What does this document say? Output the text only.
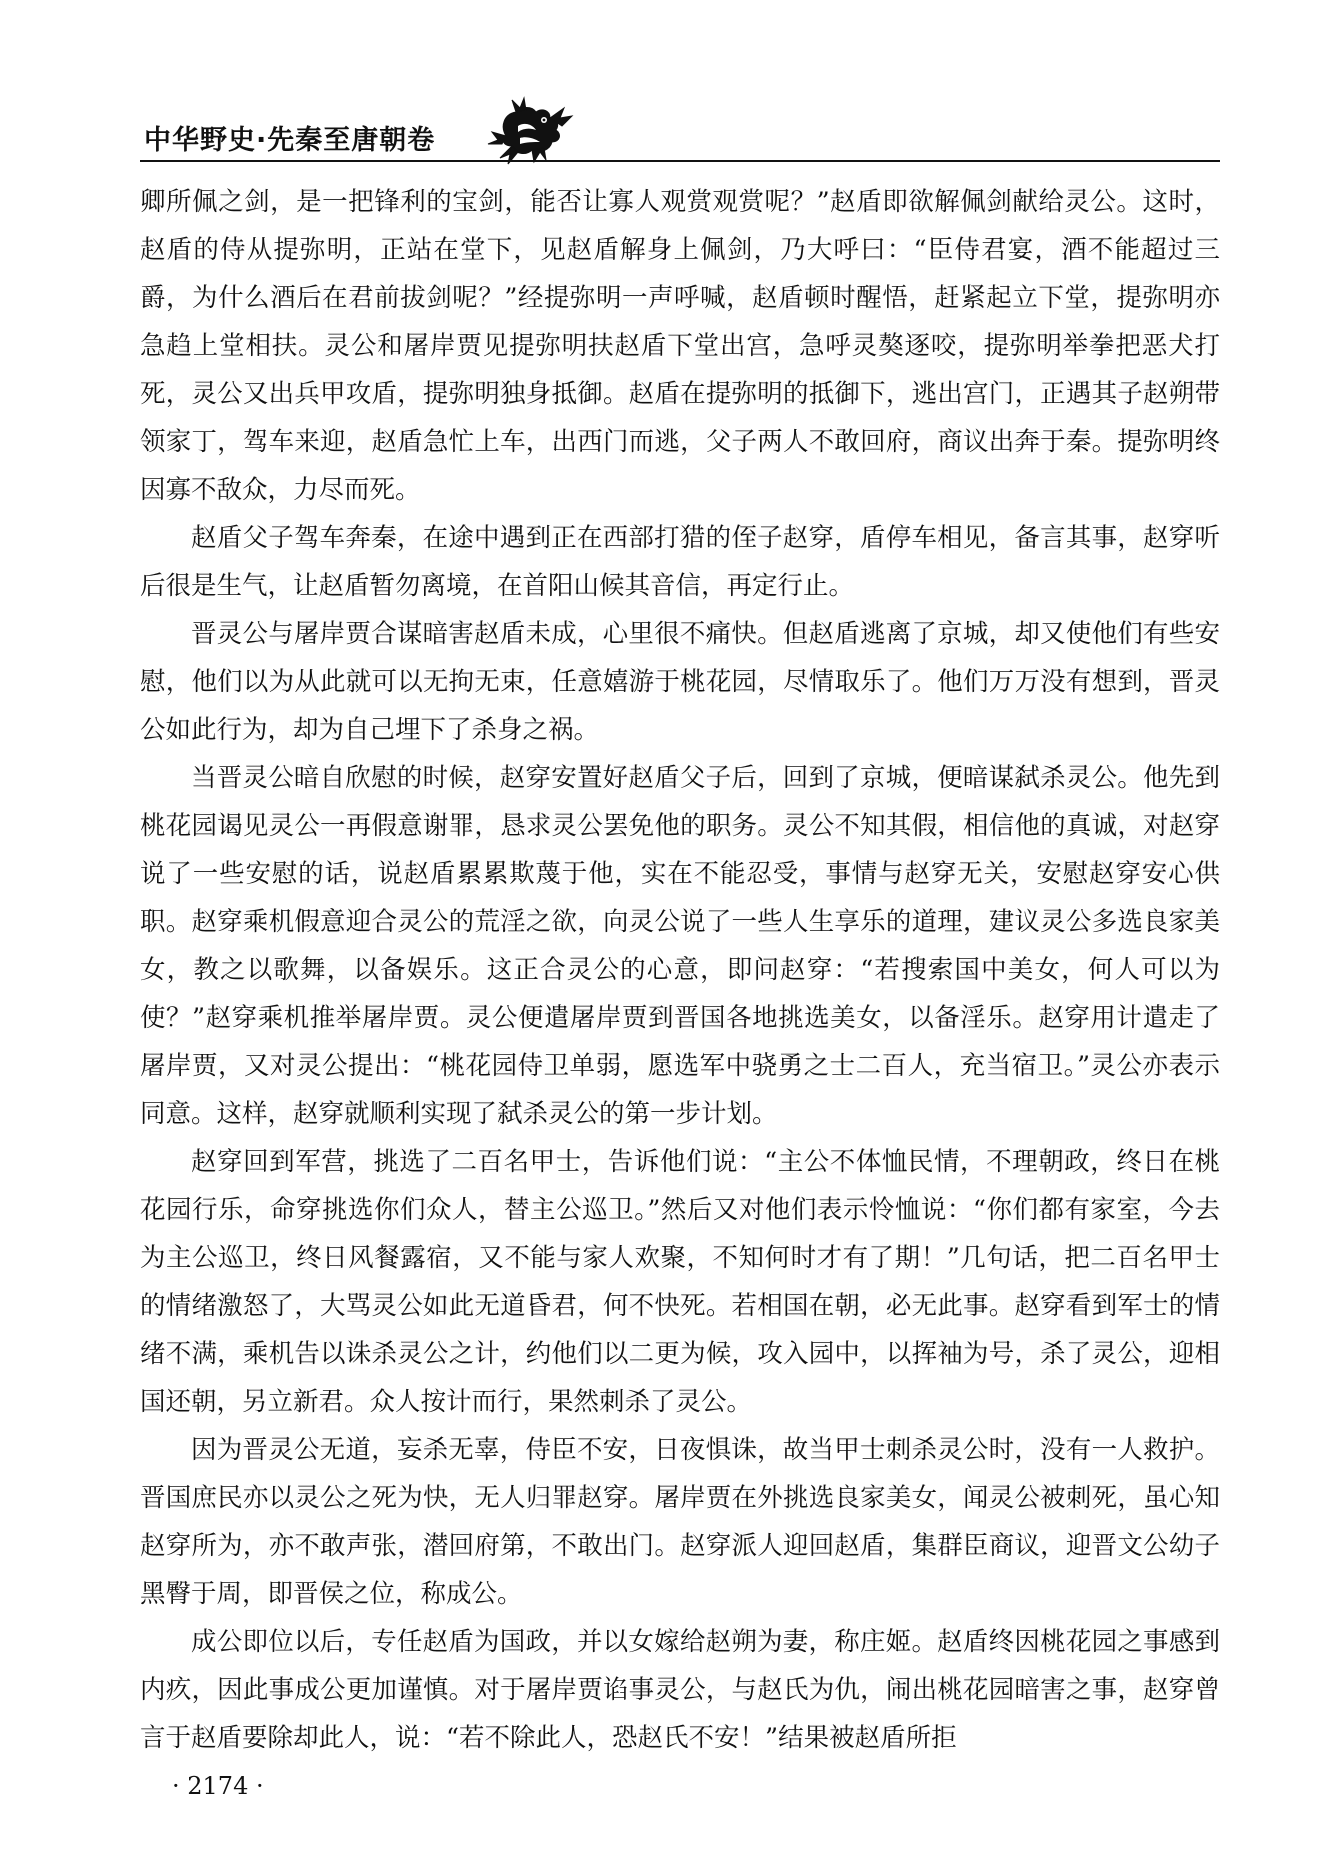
中华野史·先秦至唐朝卷

卿所佩之剑，是一把锋利的宝剑，能否让寡人观赏观赏呢？”赵盾即欲解佩剑献给灵公。这时，赵盾的侍从提弥明，正站在堂下，见赵盾解身上佩剑，乃大呼曰：“臣侍君宴，酒不能超过三爵，为什么酒后在君前拔剑呢？”经提弥明一声呼喊，赵盾顿时醒悟，赶紧起立下堂，提弥明亦急趋上堂相扶。灵公和屠岸贾见提弥明扶赵盾下堂出宫，急呼灵獒逐咬，提弥明举拳把恶犬打死，灵公又出兵甲攻盾，提弥明独身抵御。赵盾在提弥明的抵御下，逃出宫门，正遇其子赵朔带领家丁，驾车来迎，赵盾急忙上车，出西门而逃，父子两人不敢回府，商议出奔于秦。提弥明终因寡不敌众，力尽而死。

赵盾父子驾车奔秦，在途中遇到正在西部打猎的侄子赵穿，盾停车相见，备言其事，赵穿听后很是生气，让赵盾暂勿离境，在首阳山候其音信，再定行止。

晋灵公与屠岸贾合谋暗害赵盾未成，心里很不痛快。但赵盾逃离了京城，却又使他们有些安慰，他们以为从此就可以无拘无束，任意嬉游于桃花园，尽情取乐了。他们万万没有想到，晋灵公如此行为，却为自己埋下了杀身之祸。

当晋灵公暗自欣慰的时候，赵穿安置好赵盾父子后，回到了京城，便暗谋弑杀灵公。他先到桃花园谒见灵公一再假意谢罪，恳求灵公罢免他的职务。灵公不知其假，相信他的真诚，对赵穿说了一些安慰的话，说赵盾累累欺蔑于他，实在不能忍受，事情与赵穿无关，安慰赵穿安心供职。赵穿乘机假意迎合灵公的荒淫之欲，向灵公说了一些人生享乐的道理，建议灵公多选良家美女，教之以歌舞，以备娱乐。这正合灵公的心意，即问赵穿：“若搜索国中美女，何人可以为使？”赵穿乘机推举屠岸贾。灵公便遣屠岸贾到晋国各地挑选美女，以备淫乐。赵穿用计遣走了屠岸贾，又对灵公提出：“桃花园侍卫单弱，愿选军中骁勇之士二百人，充当宿卫。”灵公亦表示同意。这样，赵穿就顺利实现了弑杀灵公的第一步计划。

赵穿回到军营，挑选了二百名甲士，告诉他们说：“主公不体恤民情，不理朝政，终日在桃花园行乐，命穿挑选你们众人，替主公巡卫。”然后又对他们表示怜恤说：“你们都有家室，今去为主公巡卫，终日风餐露宿，又不能与家人欢聚，不知何时才有了期！”几句话，把二百名甲士的情绪激怒了，大骂灵公如此无道昏君，何不快死。若相国在朝，必无此事。赵穿看到军士的情绪不满，乘机告以诛杀灵公之计，约他们以二更为候，攻入园中，以挥袖为号，杀了灵公，迎相国还朝，另立新君。众人按计而行，果然刺杀了灵公。

因为晋灵公无道，妄杀无辜，侍臣不安，日夜惧诛，故当甲士刺杀灵公时，没有一人救护。晋国庶民亦以灵公之死为快，无人归罪赵穿。屠岸贾在外挑选良家美女，闻灵公被刺死，虽心知赵穿所为，亦不敢声张，潜回府第，不敢出门。赵穿派人迎回赵盾，集群臣商议，迎晋文公幼子黑臀于周，即晋侯之位，称成公。

成公即位以后，专任赵盾为国政，并以女嫁给赵朔为妻，称庄姬。赵盾终因桃花园之事感到内疚，因此事成公更加谨慎。对于屠岸贾谄事灵公，与赵氏为仇，闹出桃花园暗害之事，赵穿曾言于赵盾要除却此人，说：“若不除此人，恐赵氏不安！”结果被赵盾所拒

· 2174 ·
